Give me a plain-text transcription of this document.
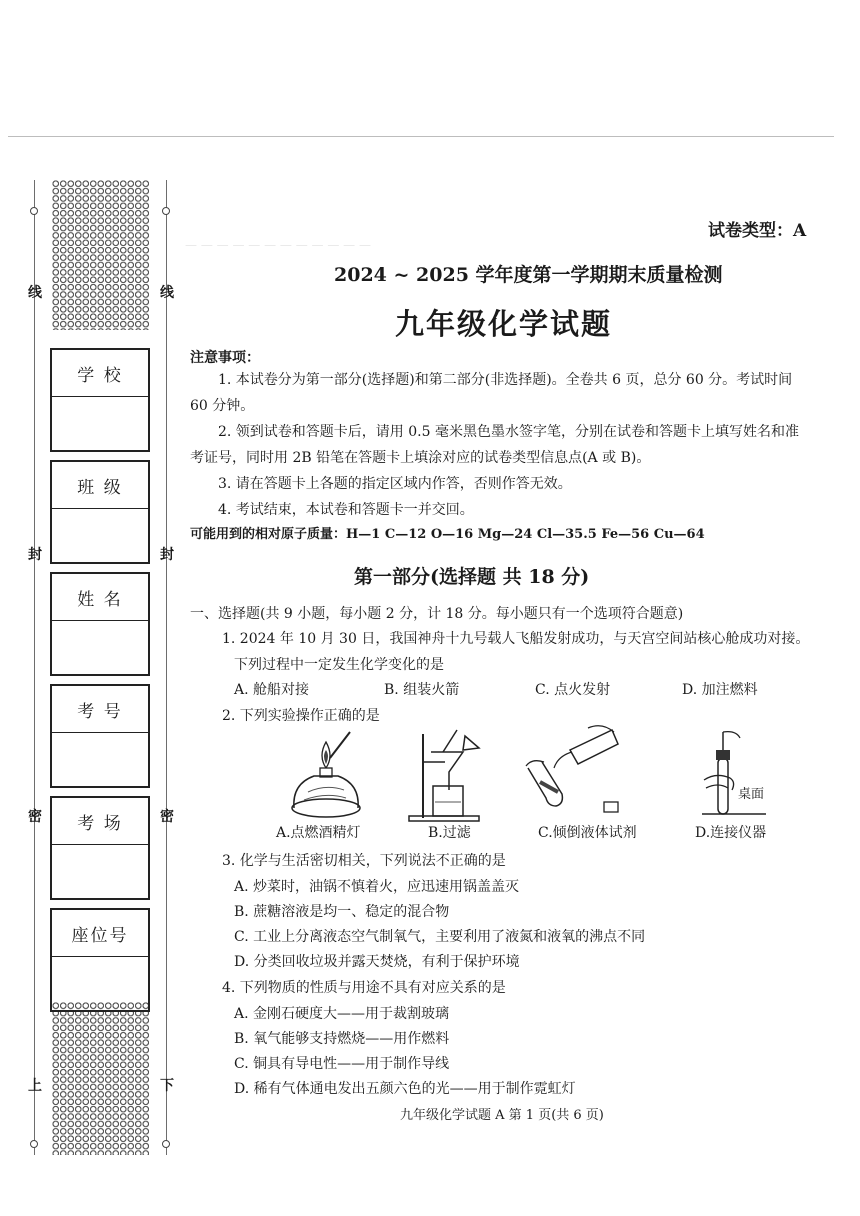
— — — — — — — — — — — —
线
封
密
上
线
封
密
下
学 校
班 级
姓 名
考 号
考 场
座位号
试卷类型：A
2024 ~ 2025 学年度第一学期期末质量检测
九年级化学试题
注意事项：

1. 本试卷分为第一部分(选择题)和第二部分(非选择题)。全卷共 6 页，总分 60 分。考试时间 60 分钟。

2. 领到试卷和答题卡后，请用 0.5 毫米黑色墨水签字笔，分别在试卷和答题卡上填写姓名和准考证号，同时用 2B 铅笔在答题卡上填涂对应的试卷类型信息点(A 或 B)。

3. 请在答题卡上各题的指定区域内作答，否则作答无效。

4. 考试结束，本试卷和答题卡一并交回。

可能用到的相对原子质量：H—1 C—12 O—16 Mg—24 Cl—35.5 Fe—56 Cu—64
第一部分(选择题 共 18 分)
一、选择题(共 9 小题，每小题 2 分，计 18 分。每小题只有一个选项符合题意)
1. 2024 年 10 月 30 日，我国神舟十九号载人飞船发射成功，与天宫空间站核心舱成功对接。
下列过程中一定发生化学变化的是
A. 舱船对接	B. 组装火箭	C. 点火发射	D. 加注燃料
2. 下列实验操作正确的是
桌面
A.点燃酒精灯	B.过滤	C.倾倒液体试剂	D.连接仪器
3. 化学与生活密切相关，下列说法不正确的是
A. 炒菜时，油锅不慎着火，应迅速用锅盖盖灭
B. 蔗糖溶液是均一、稳定的混合物
C. 工业上分离液态空气制氧气，主要利用了液氮和液氧的沸点不同
D. 分类回收垃圾并露天焚烧，有利于保护环境
4. 下列物质的性质与用途不具有对应关系的是
A. 金刚石硬度大——用于裁割玻璃
B. 氧气能够支持燃烧——用作燃料
C. 铜具有导电性——用于制作导线
D. 稀有气体通电发出五颜六色的光——用于制作霓虹灯
九年级化学试题 A 第 1 页(共 6 页)
